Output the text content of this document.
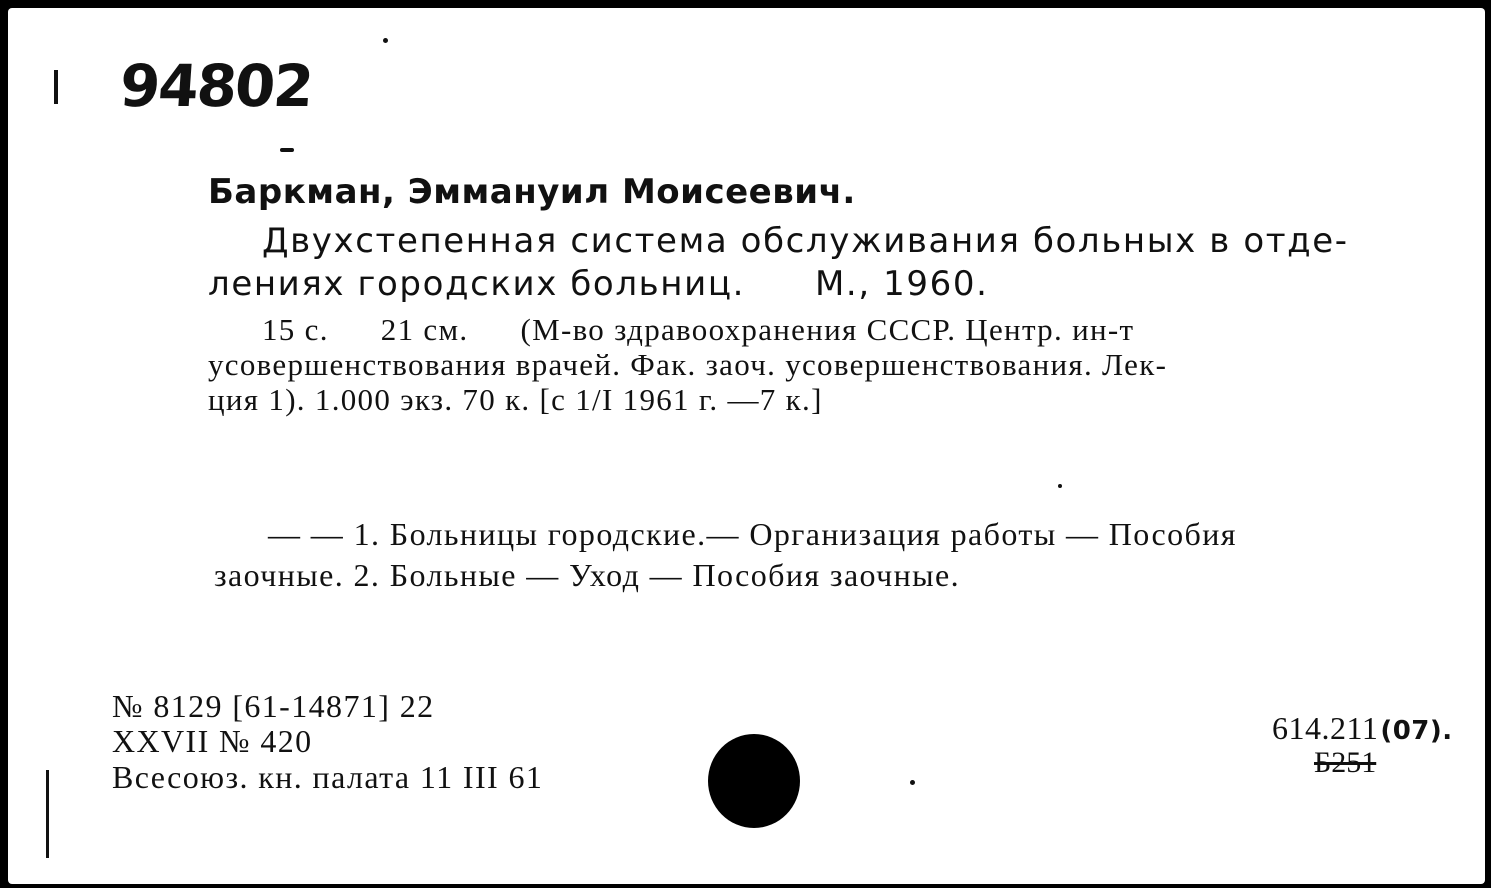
94802
Баркман, Эммануил Моисеевич.
Двухстепенная система обслуживания больных в отде-
лениях городских больниц. М., 1960.
15 с. 21 см. (М-во здравоохранения СССР. Центр. ин-т
усовершенствования врачей. Фак. заоч. усовершенствования. Лек-
ция 1). 1.000 экз. 70 к. [с 1/I 1961 г. —7 к.]
— — 1. Больницы городские.— Организация работы — Пособия
заочные. 2. Больные — Уход — Пособия заочные.
№ 8129 [61-14871] 22
XXVII № 420
Всесоюз. кн. палата 11 III 61
614.211(07).
Б251
